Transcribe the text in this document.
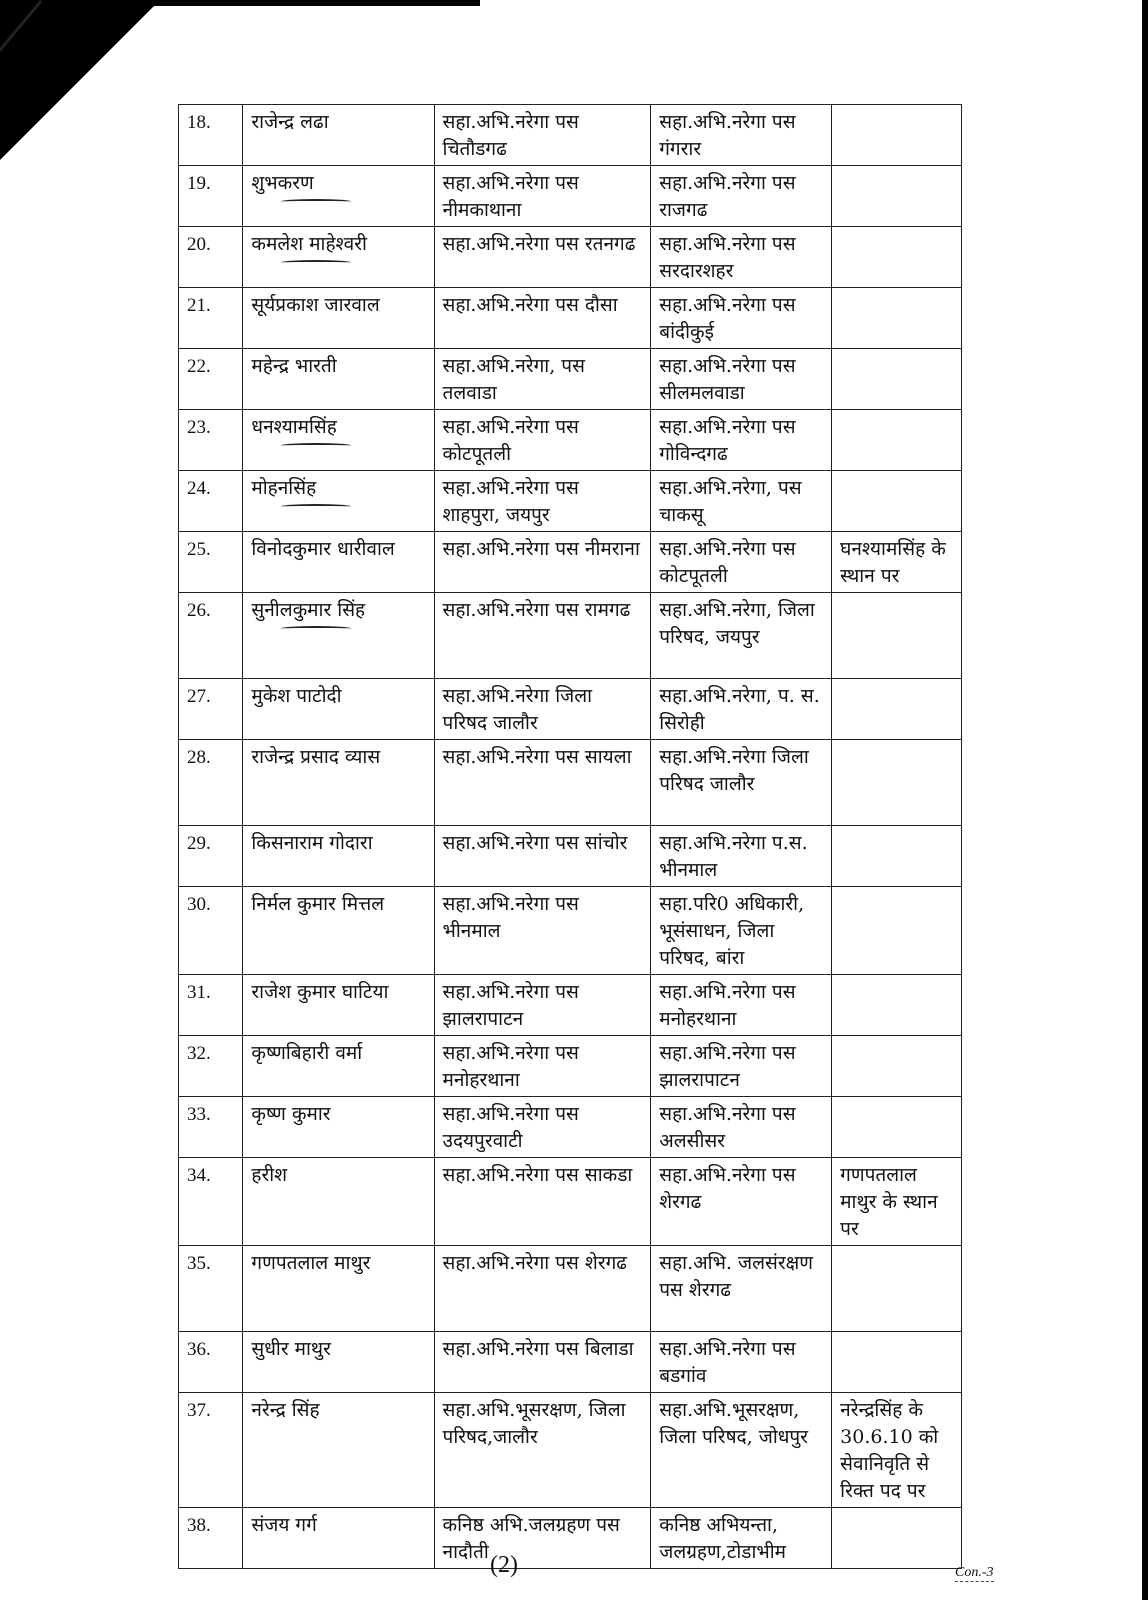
18.	राजेन्द्र लढा	सहा.अभि.नरेगा पस चितौडगढ	सहा.अभि.नरेगा पस गंगरार	
19.	शुभकरण	सहा.अभि.नरेगा पस नीमकाथाना	सहा.अभि.नरेगा पस राजगढ	
20.	कमलेश माहेश्वरी	सहा.अभि.नरेगा पस रतनगढ	सहा.अभि.नरेगा पस सरदारशहर	
21.	सूर्यप्रकाश जारवाल	सहा.अभि.नरेगा पस दौसा	सहा.अभि.नरेगा पस बांदीकुई	
22.	महेन्द्र भारती	सहा.अभि.नरेगा, पस तलवाडा	सहा.अभि.नरेगा पस सीलमलवाडा	
23.	धनश्यामसिंह	सहा.अभि.नरेगा पस कोटपूतली	सहा.अभि.नरेगा पस गोविन्दगढ	
24.	मोहनसिंह	सहा.अभि.नरेगा पस शाहपुरा, जयपुर	सहा.अभि.नरेगा, पस चाकसू	
25.	विनोदकुमार धारीवाल	सहा.अभि.नरेगा पस नीमराना	सहा.अभि.नरेगा पस कोटपूतली	घनश्यामसिंह के स्थान पर
26.	सुनीलकुमार सिंह	सहा.अभि.नरेगा पस रामगढ	सहा.अभि.नरेगा, जिला परिषद, जयपुर	
27.	मुकेश पाटोदी	सहा.अभि.नरेगा जिला परिषद जालौर	सहा.अभि.नरेगा, प. स. सिरोही	
28.	राजेन्द्र प्रसाद व्यास	सहा.अभि.नरेगा पस सायला	सहा.अभि.नरेगा जिला परिषद जालौर	
29.	किसनाराम गोदारा	सहा.अभि.नरेगा पस सांचोर	सहा.अभि.नरेगा प.स. भीनमाल	
30.	निर्मल कुमार मित्तल	सहा.अभि.नरेगा पस भीनमाल	सहा.परि0 अधिकारी, भूसंसाधन, जिला परिषद, बांरा	
31.	राजेश कुमार घाटिया	सहा.अभि.नरेगा पस झालरापाटन	सहा.अभि.नरेगा पस मनोहरथाना	
32.	कृष्णबिहारी वर्मा	सहा.अभि.नरेगा पस मनोहरथाना	सहा.अभि.नरेगा पस झालरापाटन	
33.	कृष्ण कुमार	सहा.अभि.नरेगा पस उदयपुरवाटी	सहा.अभि.नरेगा पस अलसीसर	
34.	हरीश	सहा.अभि.नरेगा पस साकडा	सहा.अभि.नरेगा पस शेरगढ	गणपतलाल माथुर के स्थान पर
35.	गणपतलाल माथुर	सहा.अभि.नरेगा पस शेरगढ	सहा.अभि. जलसंरक्षण पस शेरगढ	
36.	सुधीर माथुर	सहा.अभि.नरेगा पस बिलाडा	सहा.अभि.नरेगा पस बडगांव	
37.	नरेन्द्र सिंह	सहा.अभि.भूसरक्षण, जिला परिषद,जालौर	सहा.अभि.भूसरक्षण, जिला परिषद, जोधपुर	नरेन्द्रसिंह के 30.6.10 को सेवानिवृति से रिक्त पद पर
38.	संजय गर्ग	कनिष्ठ अभि.जलग्रहण पस नादौती	कनिष्ठ अभियन्ता, जलग्रहण,टोडाभीम	
(2)	Con.-3
